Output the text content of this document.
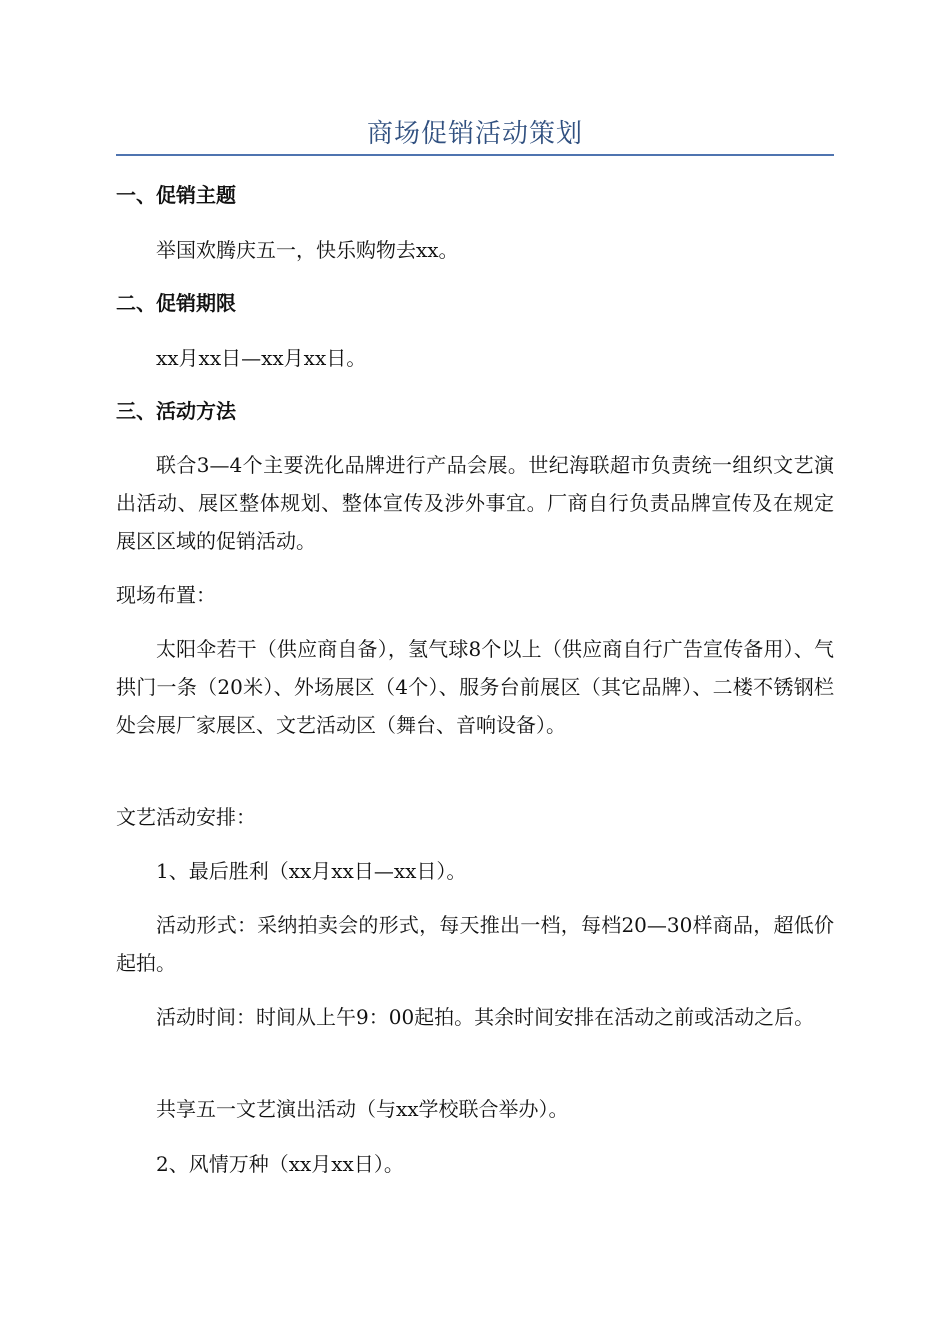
商场促销活动策划
一、促销主题
举国欢腾庆五一，快乐购物去xx。
二、促销期限
xx月xx日—xx月xx日。
三、活动方法
联合3—4个主要洗化品牌进行产品会展。世纪海联超市负责统一组织文艺演出活动、展区整体规划、整体宣传及涉外事宜。厂商自行负责品牌宣传及在规定展区区域的促销活动。
现场布置：
太阳伞若干（供应商自备），氢气球8个以上（供应商自行广告宣传备用）、气拱门一条（20米）、外场展区（4个）、服务台前展区（其它品牌）、二楼不锈钢栏处会展厂家展区、文艺活动区（舞台、音响设备）。
文艺活动安排：
1、最后胜利（xx月xx日—xx日）。
活动形式：采纳拍卖会的形式，每天推出一档，每档20—30样商品，超低价起拍。
活动时间：时间从上午9：00起拍。其余时间安排在活动之前或活动之后。
共享五一文艺演出活动（与xx学校联合举办）。
2、风情万种（xx月xx日）。
